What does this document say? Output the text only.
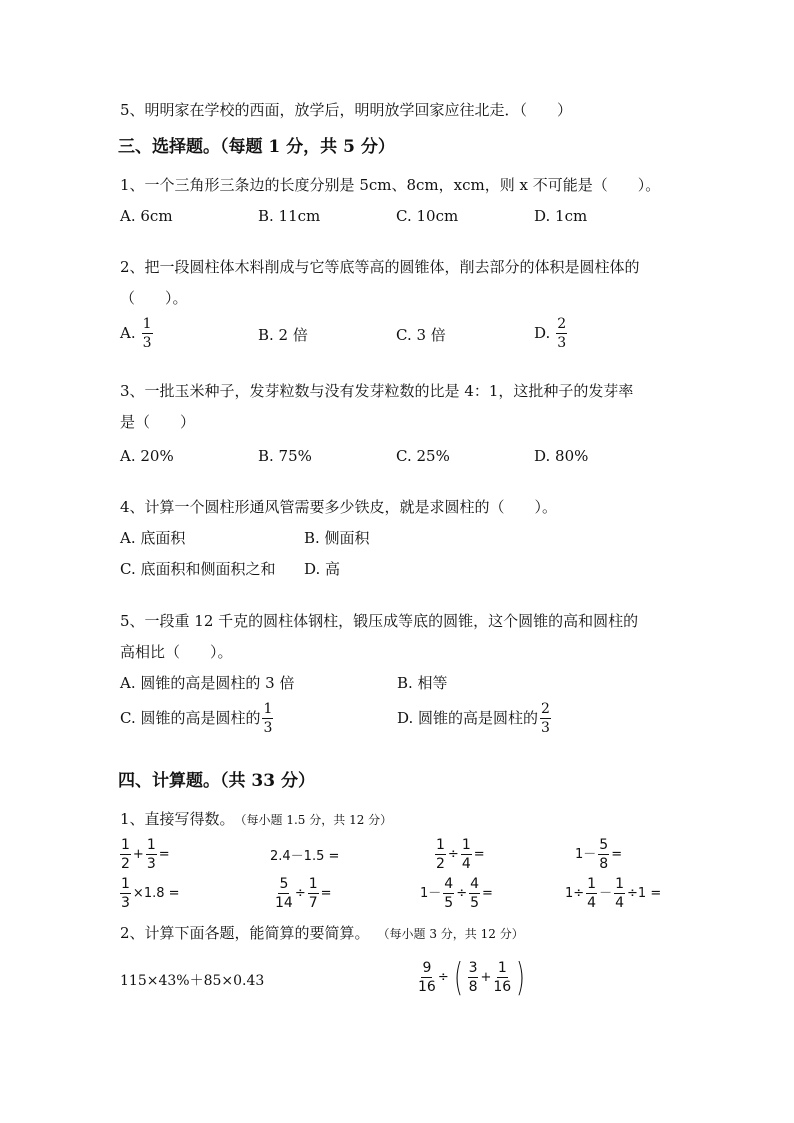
5、明明家在学校的西面，放学后，明明放学回家应往北走．（　　）
三、选择题。（每题 1 分，共 5 分）
1、一个三角形三条边的长度分别是 5cm、8cm，xcm，则 x 不可能是（　　）。
A. 6cm	B. 11cm	C. 10cm	D. 1cm
2、把一段圆柱体木料削成与它等底等高的圆锥体，削去部分的体积是圆柱体的
（　　）。
A. $\frac{1}{3}$	B. 2 倍	C. 3 倍	D. $\frac{2}{3}$
3、一批玉米种子，发芽粒数与没有发芽粒数的比是 4：1，这批种子的发芽率
是（　　）
A. 20%	B. 75%	C. 25%	D. 80%
4、计算一个圆柱形通风管需要多少铁皮，就是求圆柱的（　　）。
A. 底面积	B. 侧面积
C. 底面积和侧面积之和 D. 高
5、一段重 12 千克的圆柱体钢柱，锻压成等底的圆锥，这个圆锥的高和圆柱的
高相比（　　）。
A. 圆锥的高是圆柱的 3 倍	B. 相等
C. 圆锥的高是圆柱的 $\frac{1}{3}$	D. 圆锥的高是圆柱的 $\frac{2}{3}$
四、计算题。（共 33 分）
1、直接写得数。 （每小题 1.5 分，共 12 分）
$\frac{1}{2} + \frac{1}{3}$ =	2.4－1.5 =	$\frac{1}{2} \div \frac{1}{4}$ =	$1- \frac{5}{8}$ =
$\frac{1}{3} \times 1.8$ =	$\frac{5}{14} \div \frac{1}{7}$ =	$1- \frac{4}{5} \div \frac{4}{5}$ =	$1\div \frac{1}{4} - \frac{1}{4} \div 1$ =
2、计算下面各题，能简算的要简算。 （每小题 3 分，共 12 分）
115×43%＋85×0.43	$\frac{9}{16}$ ÷ ( $\frac{3}{8} + \frac{1}{16}$ )
